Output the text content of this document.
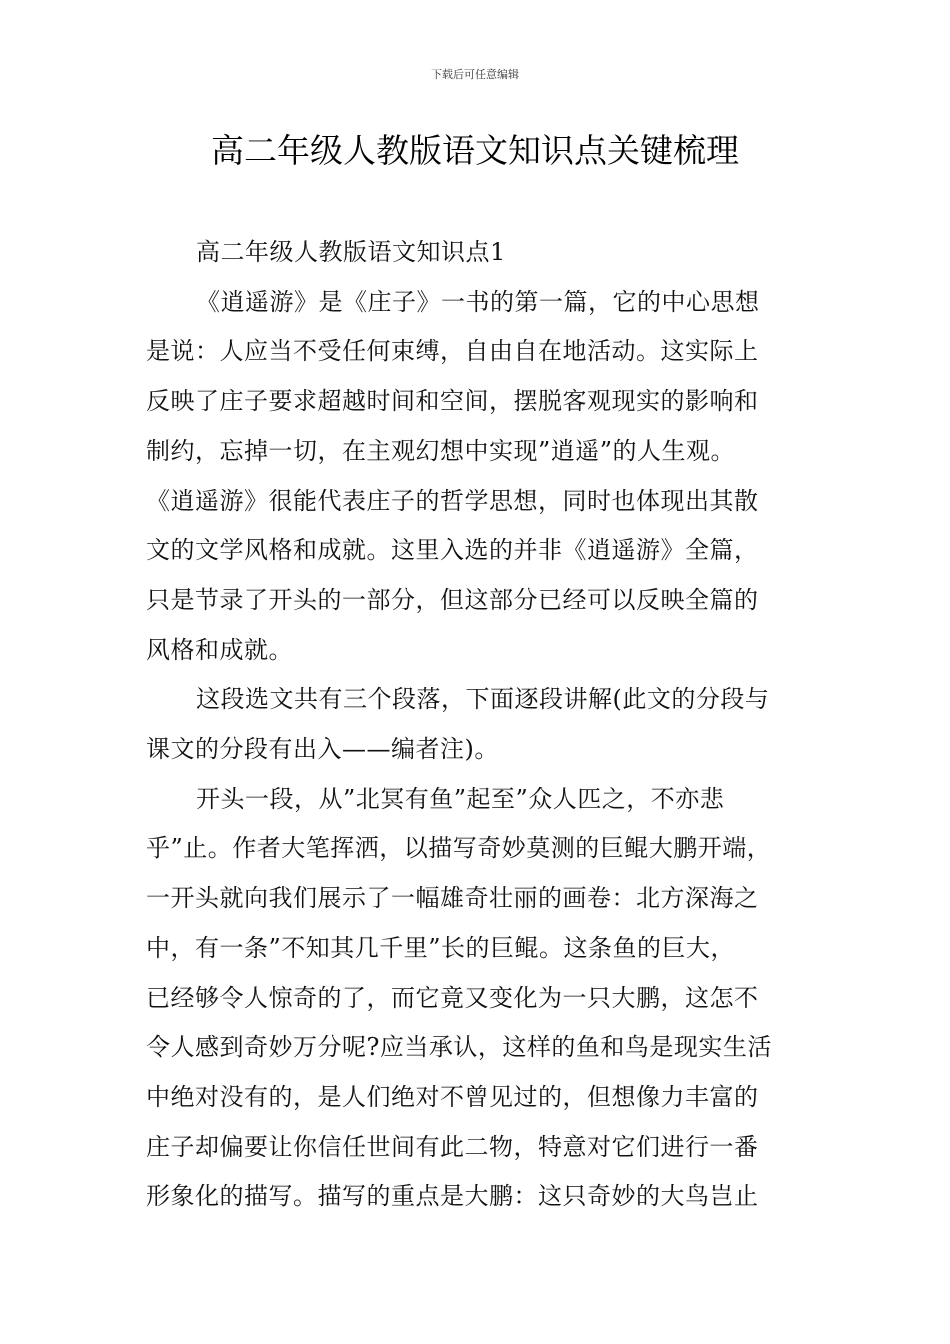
下载后可任意编辑
高二年级人教版语文知识点关键梳理

高二年级人教版语文知识点1

《逍遥游》是《庄子》一书的第一篇，它的中心思想
是说：人应当不受任何束缚，自由自在地活动。这实际上
反映了庄子要求超越时间和空间，摆脱客观现实的影响和
制约，忘掉一切，在主观幻想中实现”逍遥”的人生观。
《逍遥游》很能代表庄子的哲学思想，同时也体现出其散
文的文学风格和成就。这里入选的并非《逍遥游》全篇，
只是节录了开头的一部分，但这部分已经可以反映全篇的
风格和成就。

这段选文共有三个段落，下面逐段讲解(此文的分段与
课文的分段有出入——编者注)。

开头一段，从”北冥有鱼”起至”众人匹之，不亦悲
乎”止。作者大笔挥洒，以描写奇妙莫测的巨鲲大鹏开端，
一开头就向我们展示了一幅雄奇壮丽的画卷：北方深海之
中，有一条”不知其几千里”长的巨鲲。这条鱼的巨大，
已经够令人惊奇的了，而它竟又变化为一只大鹏，这怎不
令人感到奇妙万分呢?应当承认，这样的鱼和鸟是现实生活
中绝对没有的，是人们绝对不曾见过的，但想像力丰富的
庄子却偏要让你信任世间有此二物，特意对它们进行一番
形象化的描写。描写的重点是大鹏：这只奇妙的大鸟岂止
